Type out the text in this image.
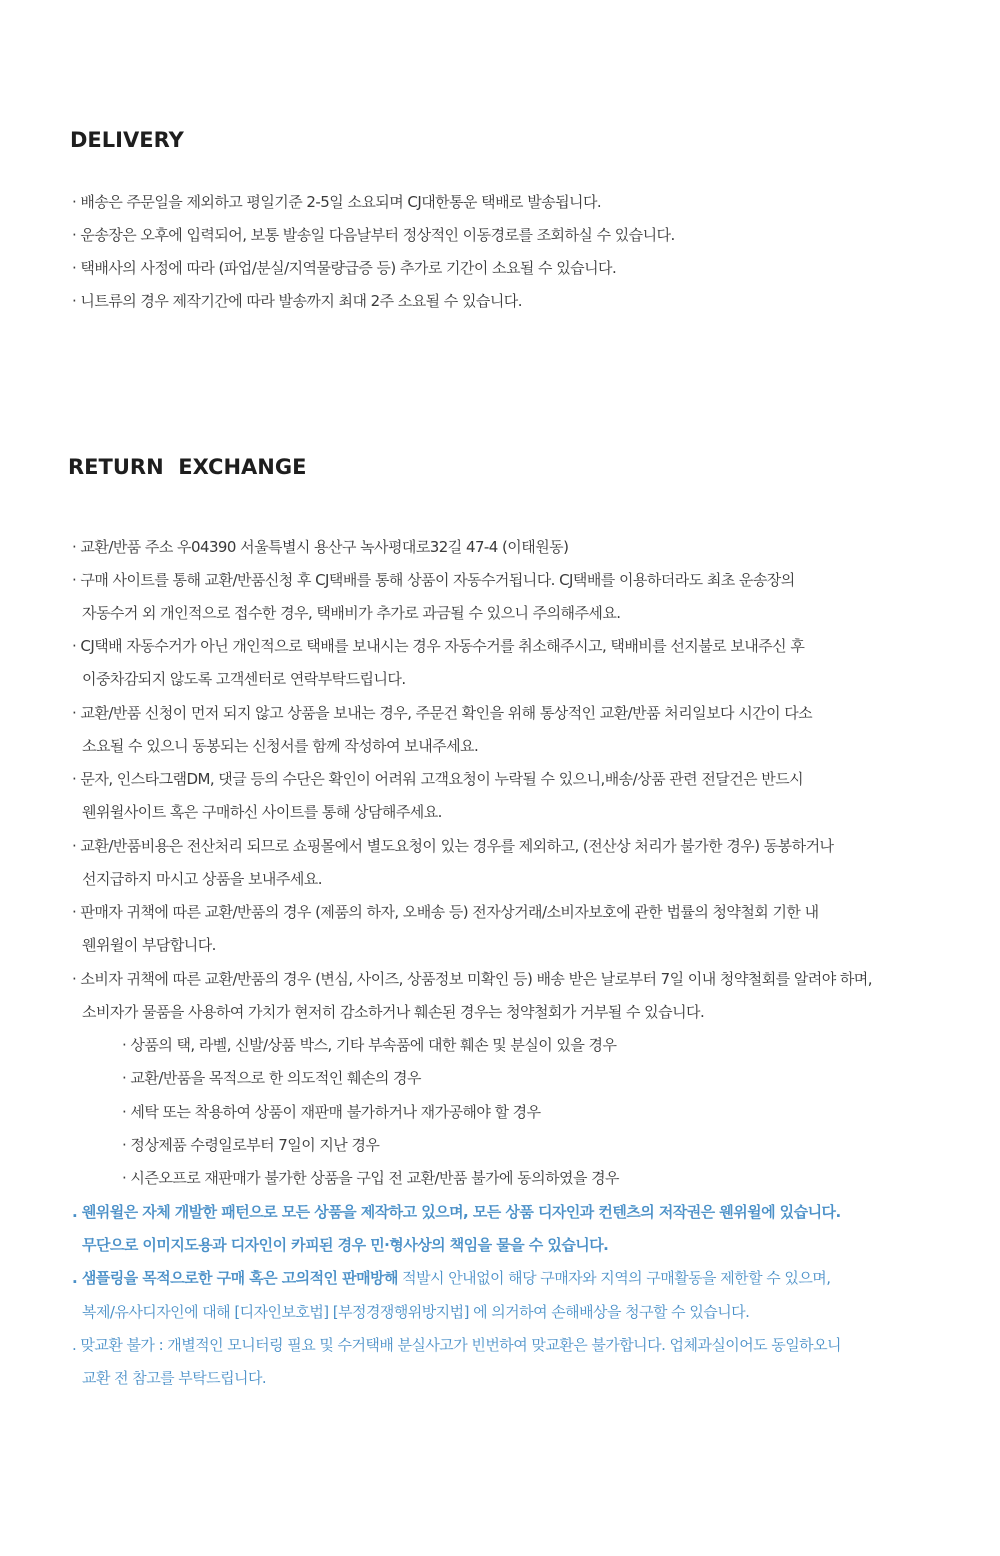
DELIVERY

· 배송은 주문일을 제외하고 평일기준 2-5일 소요되며 CJ대한통운 택배로 발송됩니다.

· 운송장은 오후에 입력되어, 보통 발송일 다음날부터 정상적인 이동경로를 조회하실 수 있습니다.

· 택배사의 사정에 따라 (파업/분실/지역물량급증 등) 추가로 기간이 소요될 수 있습니다.

· 니트류의 경우 제작기간에 따라 발송까지 최대 2주 소요될 수 있습니다.

RETURN  EXCHANGE

· 교환/반품 주소 우04390 서울특별시 용산구 녹사평대로32길 47-4 (이태원동)

· 구매 사이트를 통해 교환/반품신청 후 CJ택배를 통해 상품이 자동수거됩니다. CJ택배를 이용하더라도 최초 운송장의

자동수거 외 개인적으로 접수한 경우, 택배비가 추가로 과금될 수 있으니 주의해주세요.

· CJ택배 자동수거가 아닌 개인적으로 택배를 보내시는 경우 자동수거를 취소해주시고, 택배비를 선지불로 보내주신 후

이중차감되지 않도록 고객센터로 연락부탁드립니다.

· 교환/반품 신청이 먼저 되지 않고 상품을 보내는 경우, 주문건 확인을 위해 통상적인 교환/반품 처리일보다 시간이 다소

소요될 수 있으니 동봉되는 신청서를 함께 작성하여 보내주세요.

· 문자, 인스타그램DM, 댓글 등의 수단은 확인이 어려워 고객요청이 누락될 수 있으니,배송/상품 관련 전달건은 반드시

웬위윌사이트 혹은 구매하신 사이트를 통해 상담해주세요.

· 교환/반품비용은 전산처리 되므로 쇼핑몰에서 별도요청이 있는 경우를 제외하고, (전산상 처리가 불가한 경우) 동봉하거나

선지급하지 마시고 상품을 보내주세요.

· 판매자 귀책에 따른 교환/반품의 경우 (제품의 하자, 오배송 등) 전자상거래/소비자보호에 관한 법률의 청약철회 기한 내

웬위윌이 부담합니다.

· 소비자 귀책에 따른 교환/반품의 경우 (변심, 사이즈, 상품정보 미확인 등) 배송 받은 날로부터 7일 이내 청약철회를 알려야 하며,

소비자가 물품을 사용하여 가치가 현저히 감소하거나 훼손된 경우는 청약철회가 거부될 수 있습니다.

· 상품의 택, 라벨, 신발/상품 박스, 기타 부속품에 대한 훼손 및 분실이 있을 경우

· 교환/반품을 목적으로 한 의도적인 훼손의 경우

· 세탁 또는 착용하여 상품이 재판매 불가하거나 재가공해야 할 경우

· 정상제품 수령일로부터 7일이 지난 경우

· 시즌오프로 재판매가 불가한 상품을 구입 전 교환/반품 불가에 동의하였을 경우

. 웬위윌은 자체 개발한 패턴으로 모든 상품을 제작하고 있으며, 모든 상품 디자인과 컨텐츠의 저작권은 웬위윌에 있습니다.

무단으로 이미지도용과 디자인이 카피된 경우 민·형사상의 책임을 물을 수 있습니다.

. 샘플링을 목적으로한 구매 혹은 고의적인 판매방해 적발시 안내없이 해당 구매자와 지역의 구매활동을 제한할 수 있으며,

복제/유사디자인에 대해 [디자인보호법] [부정경쟁행위방지법] 에 의거하여 손해배상을 청구할 수 있습니다.

. 맞교환 불가 : 개별적인 모니터링 필요 및 수거택배 분실사고가 빈번하여 맞교환은 불가합니다. 업체과실이어도 동일하오니

교환 전 참고를 부탁드립니다.
